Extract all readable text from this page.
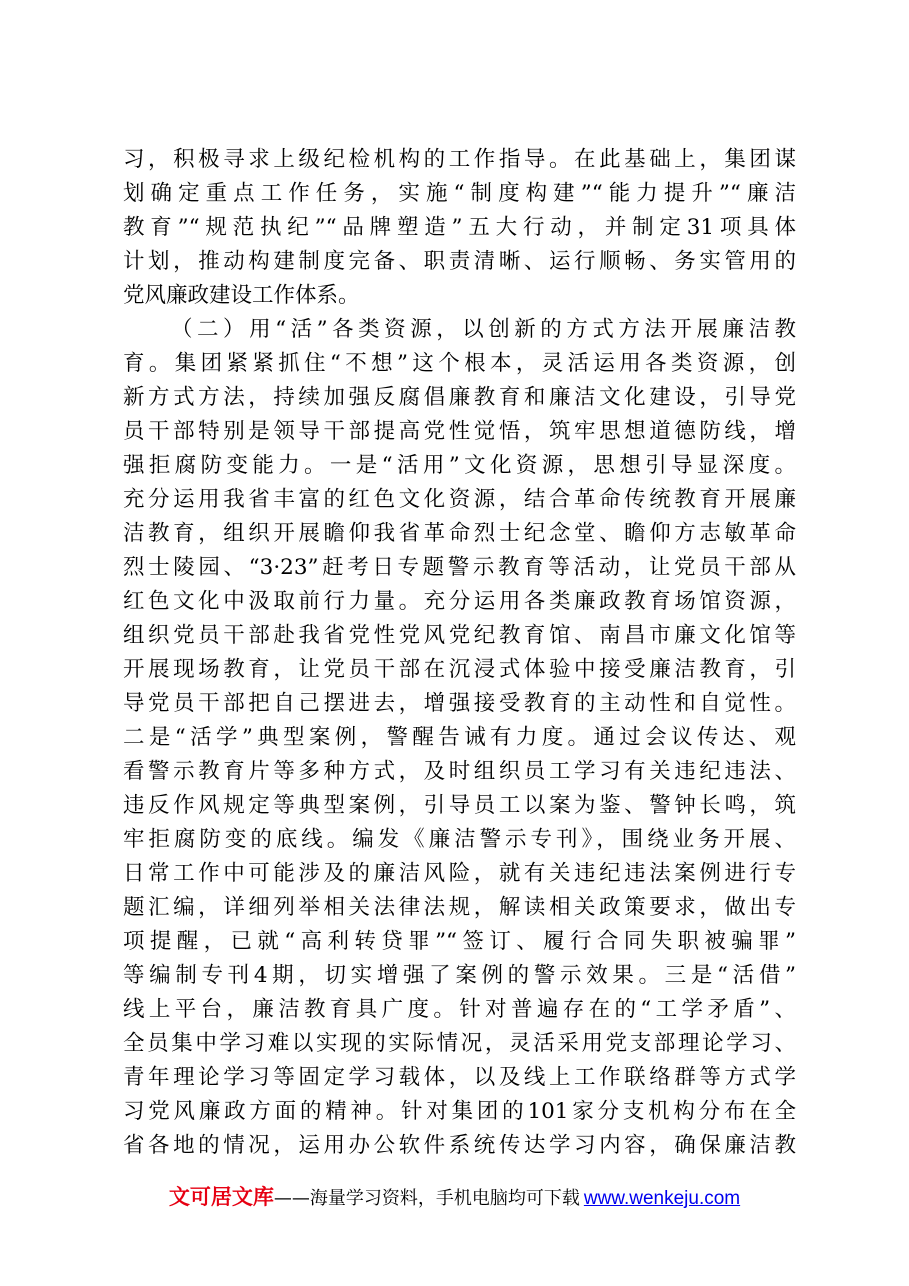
习，积极寻求上级纪检机构的工作指导。在此基础上，集团谋
划确定重点工作任务，实施“制度构建”“能力提升”“廉洁
教育”“规范执纪”“品牌塑造”五大行动，并制定31项具体
计划，推动构建制度完备、职责清晰、运行顺畅、务实管用的
党风廉政建设工作体系。
（二）用“活”各类资源，以创新的方式方法开展廉洁教
育。集团紧紧抓住“不想”这个根本，灵活运用各类资源，创
新方式方法，持续加强反腐倡廉教育和廉洁文化建设，引导党
员干部特别是领导干部提高党性觉悟，筑牢思想道德防线，增
强拒腐防变能力。一是“活用”文化资源，思想引导显深度。
充分运用我省丰富的红色文化资源，结合革命传统教育开展廉
洁教育，组织开展瞻仰我省革命烈士纪念堂、瞻仰方志敏革命
烈士陵园、“3·23”赶考日专题警示教育等活动，让党员干部从
红色文化中汲取前行力量。充分运用各类廉政教育场馆资源，
组织党员干部赴我省党性党风党纪教育馆、南昌市廉文化馆等
开展现场教育，让党员干部在沉浸式体验中接受廉洁教育，引
导党员干部把自己摆进去，增强接受教育的主动性和自觉性。
二是“活学”典型案例，警醒告诫有力度。通过会议传达、观
看警示教育片等多种方式，及时组织员工学习有关违纪违法、
违反作风规定等典型案例，引导员工以案为鉴、警钟长鸣，筑
牢拒腐防变的底线。编发《廉洁警示专刊》，围绕业务开展、
日常工作中可能涉及的廉洁风险，就有关违纪违法案例进行专
题汇编，详细列举相关法律法规，解读相关政策要求，做出专
项提醒，已就“高利转贷罪”“签订、履行合同失职被骗罪”
等编制专刊4期，切实增强了案例的警示效果。三是“活借”
线上平台，廉洁教育具广度。针对普遍存在的“工学矛盾”、
全员集中学习难以实现的实际情况，灵活采用党支部理论学习、
青年理论学习等固定学习载体，以及线上工作联络群等方式学
习党风廉政方面的精神。针对集团的101家分支机构分布在全
省各地的情况，运用办公软件系统传达学习内容，确保廉洁教
文可居文库——海量学习资料，手机电脑均可下载 www.wenkeju.com
